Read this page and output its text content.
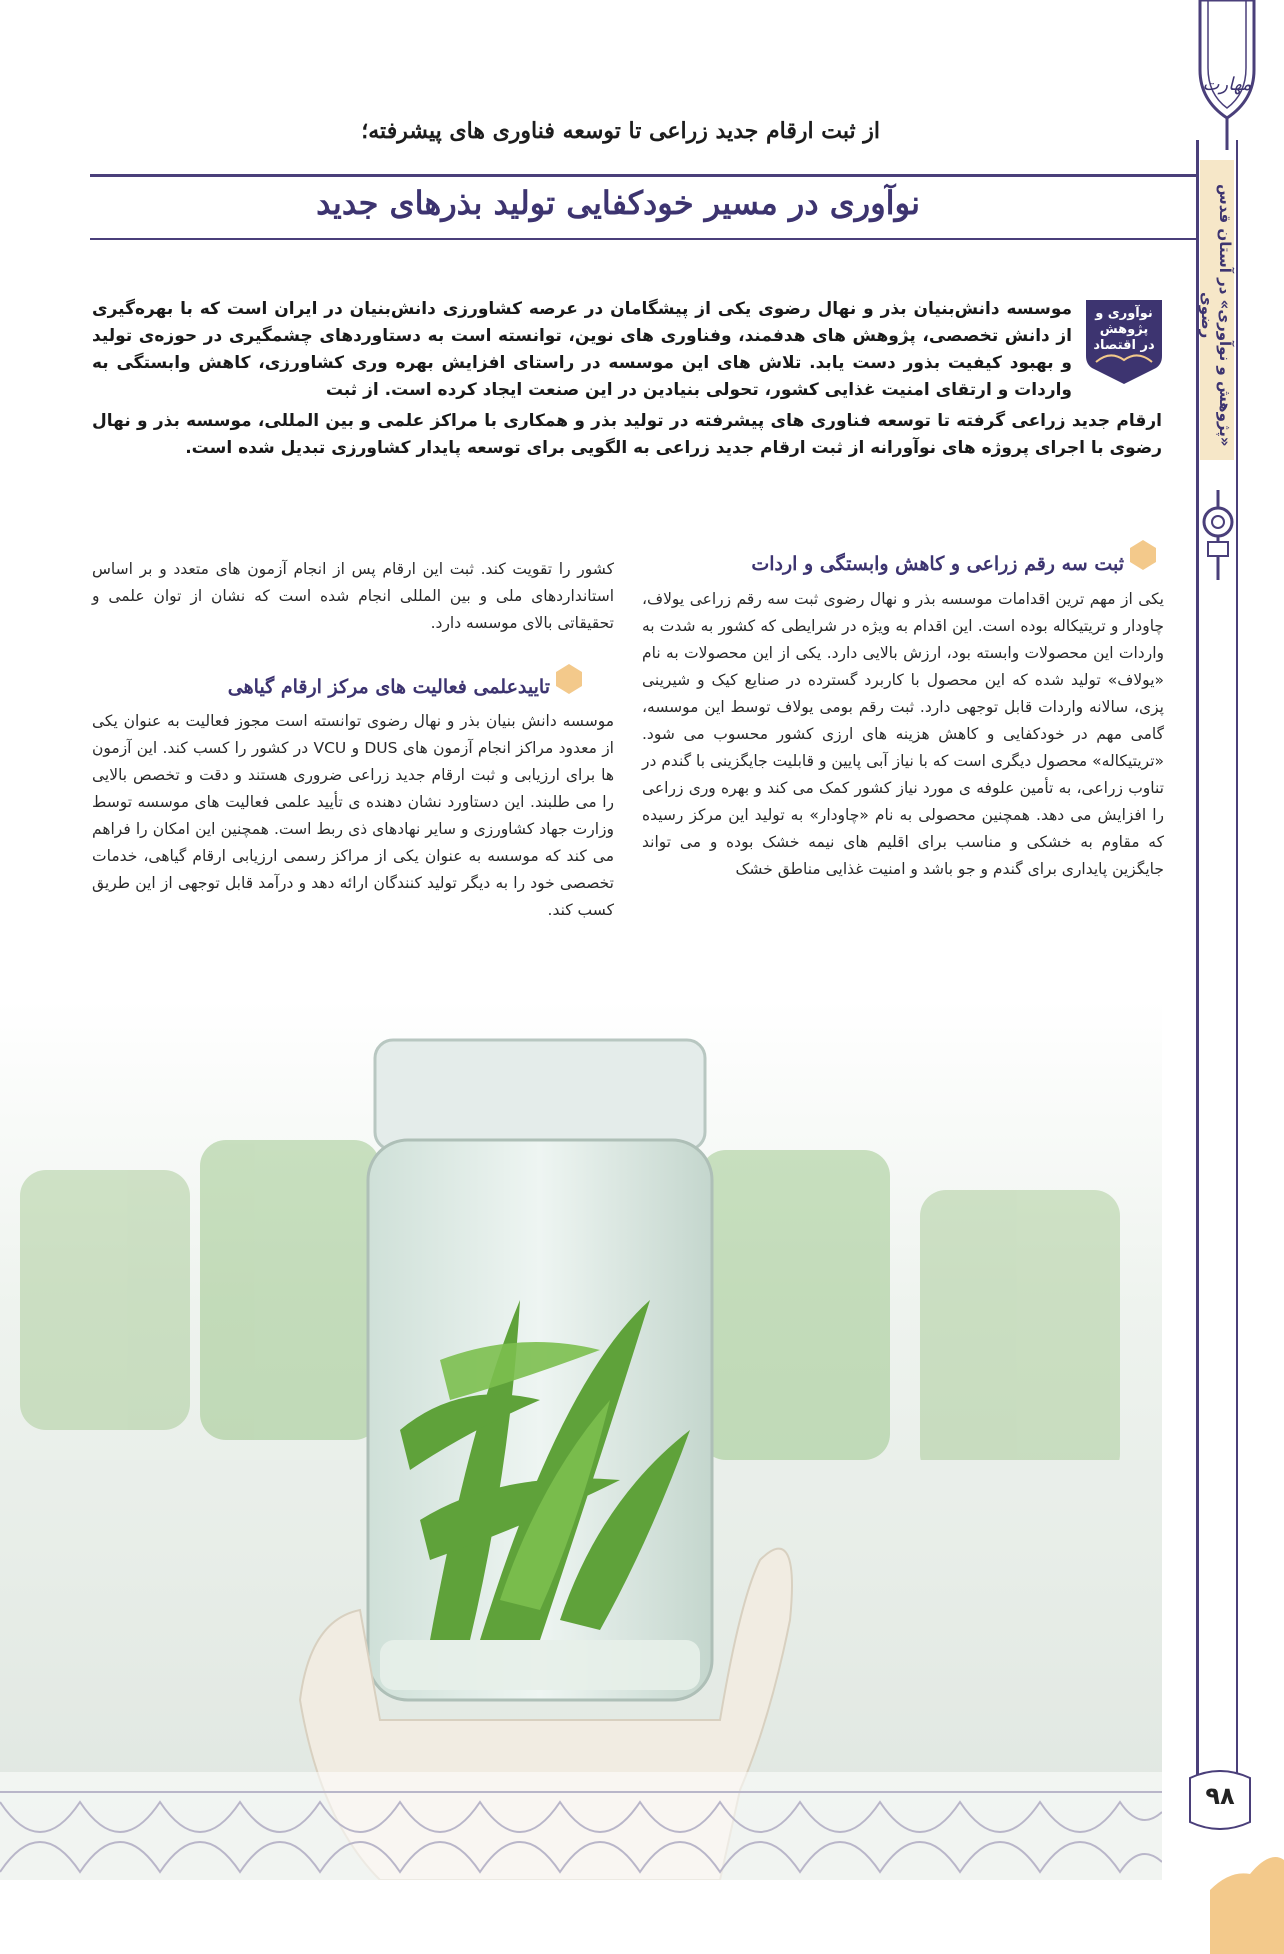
«پژوهش و نوآوری» در آستان قدس رضوی
مهارت
۹۸
از ثبت ارقام جدید زراعی تا توسعه فناوری های پیشرفته؛
نوآوری در مسیر خودکفایی تولید بذرهای جدید
نوآوری و
پژوهش
در اقتصاد
موسسه دانش‌بنیان بذر و نهال رضوی یکی از پیشگامان در عرصه کشاورزی دانش‌بنیان در ایران است که با بهره‌گیری از دانش تخصصی، پژوهش های هدفمند، وفناوری های نوین، توانسته است به دستاوردهای چشمگیری در حوزه‌ی تولید و بهبود کیفیت بذور دست یابد. تلاش های این موسسه در راستای افزایش بهره وری کشاورزی، کاهش وابستگی به واردات و ارتقای امنیت غذایی کشور، تحولی بنیادین در این صنعت ایجاد کرده است. از ثبت
ارقام جدید زراعی گرفته تا توسعه فناوری های پیشرفته در تولید بذر و همکاری با مراکز علمی و بین المللی، موسسه بذر و نهال رضوی با اجرای پروژه های نوآورانه از ثبت ارقام جدید زراعی به الگویی برای توسعه پایدار کشاورزی تبدیل شده است.
ثبت سه رقم زراعی و کاهش وابستگی و اردات
یکی از مهم ترین اقدامات موسسه بذر و نهال رضوی ثبت سه رقم زراعی یولاف، چاودار و تریتیکاله بوده است. این اقدام به ویژه در شرایطی که کشور به شدت به واردات این محصولات وابسته بود، ارزش بالایی دارد. یکی از این محصولات به نام «یولاف» تولید شده که این محصول با کاربرد گسترده در صنایع کیک و شیرینی پزی، سالانه واردات قابل توجهی دارد. ثبت رقم بومی یولاف توسط این موسسه، گامی مهم در خودکفایی و کاهش هزینه های ارزی کشور محسوب می شود. «تریتیکاله» محصول دیگری است که با نیاز آبی پایین و قابلیت جایگزینی با گندم در تناوب زراعی، به تأمین علوفه ی مورد نیاز کشور کمک می کند و بهره وری زراعی را افزایش می دهد. همچنین محصولی به نام «چاودار» به تولید این مرکز رسیده که مقاوم به خشکی و مناسب برای اقلیم های نیمه خشک بوده و می تواند جایگزین پایداری برای گندم و جو باشد و امنیت غذایی مناطق خشک
کشور را تقویت کند. ثبت این ارقام پس از انجام آزمون های متعدد و بر اساس استانداردهای ملی و بین المللی انجام شده است که نشان از توان علمی و تحقیقاتی بالای موسسه دارد.
تاییدعلمی فعالیت های مرکز ارقام گیاهی
موسسه دانش بنیان بذر و نهال رضوی توانسته است مجوز فعالیت به عنوان یکی از معدود مراکز انجام آزمون های DUS و VCU در کشور را کسب کند. این آزمون ها برای ارزیابی و ثبت ارقام جدید زراعی ضروری هستند و دقت و تخصص بالایی را می طلبند. این دستاورد نشان دهنده ی تأیید علمی فعالیت های موسسه توسط وزارت جهاد کشاورزی و سایر نهادهای ذی ربط است. همچنین این امکان را فراهم می کند که موسسه به عنوان یکی از مراکز رسمی ارزیابی ارقام گیاهی، خدمات تخصصی خود را به دیگر تولید کنندگان ارائه دهد و درآمد قابل توجهی از این طریق کسب کند.
